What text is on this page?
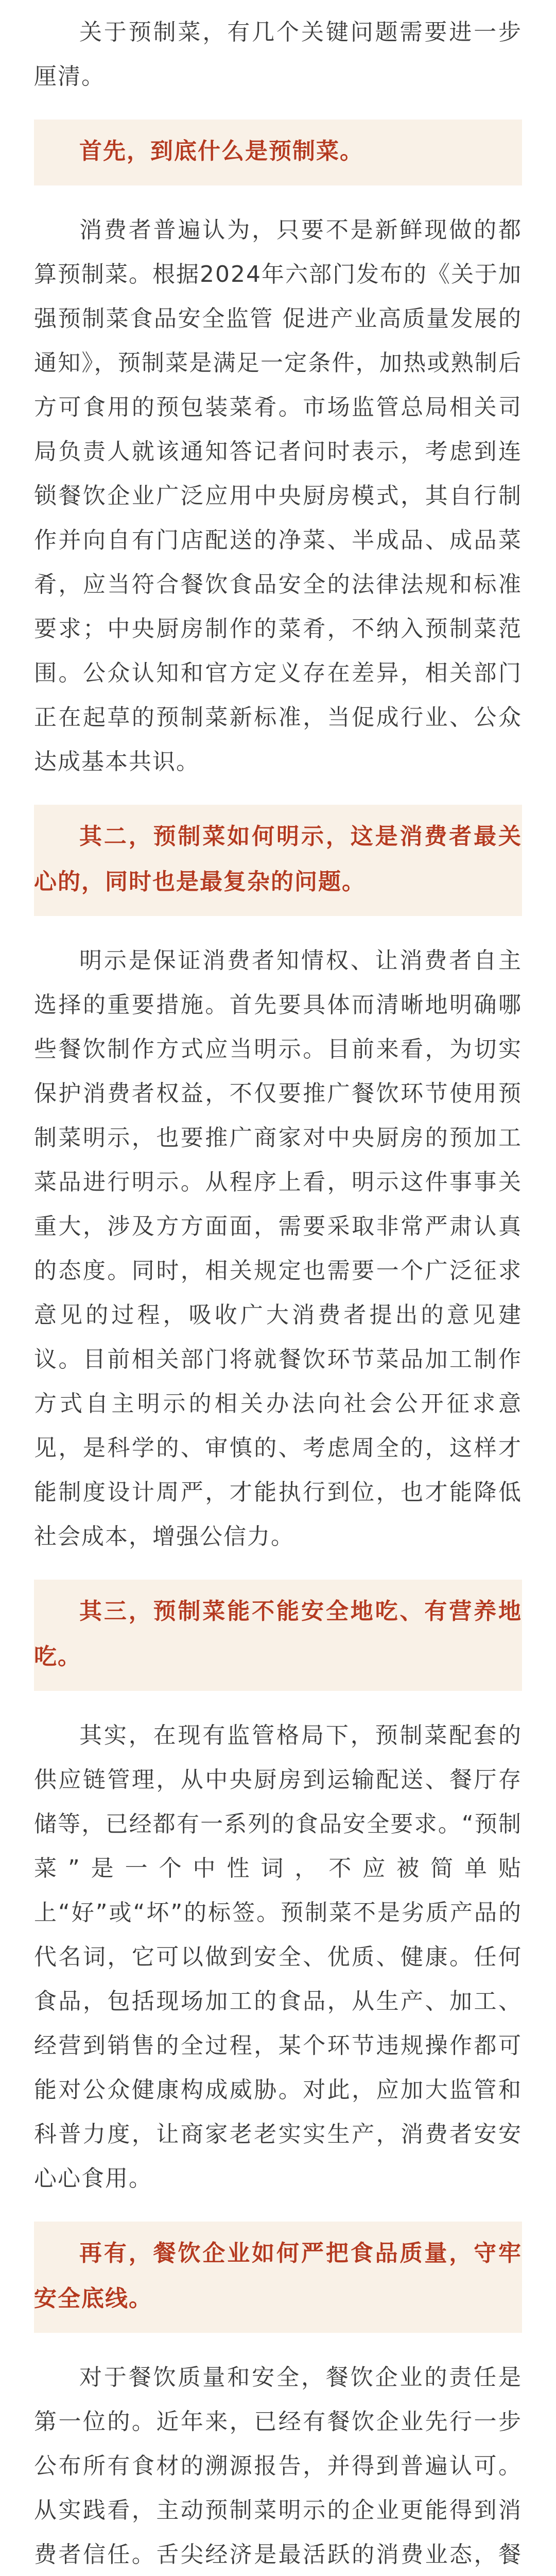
关于预制菜，有几个关键问题需要进一步厘清。

首先，到底什么是预制菜。

消费者普遍认为，只要不是新鲜现做的都算预制菜。根据2024年六部门发布的《关于加强预制菜食品安全监管 促进产业高质量发展的通知》，预制菜是满足一定条件，加热或熟制后方可食用的预包装菜肴。市场监管总局相关司局负责人就该通知答记者问时表示，考虑到连锁餐饮企业广泛应用中央厨房模式，其自行制作并向自有门店配送的净菜、半成品、成品菜肴，应当符合餐饮食品安全的法律法规和标准要求；中央厨房制作的菜肴，不纳入预制菜范围。公众认知和官方定义存在差异，相关部门正在起草的预制菜新标准，当促成行业、公众达成基本共识。

其二，预制菜如何明示，这是消费者最关心的，同时也是最复杂的问题。

明示是保证消费者知情权、让消费者自主选择的重要措施。首先要具体而清晰地明确哪些餐饮制作方式应当明示。目前来看，为切实保护消费者权益，不仅要推广餐饮环节使用预制菜明示，也要推广商家对中央厨房的预加工菜品进行明示。从程序上看，明示这件事事关重大，涉及方方面面，需要采取非常严肃认真的态度。同时，相关规定也需要一个广泛征求意见的过程，吸收广大消费者提出的意见建议。目前相关部门将就餐饮环节菜品加工制作方式自主明示的相关办法向社会公开征求意见，是科学的、审慎的、考虑周全的，这样才能制度设计周严，才能执行到位，也才能降低社会成本，增强公信力。

其三，预制菜能不能安全地吃、有营养地吃。

其实，在现有监管格局下，预制菜配套的供应链管理，从中央厨房到运输配送、餐厅存储等，已经都有一系列的食品安全要求。“预制菜”是一个中性词，不应被简单贴上“好”或“坏”的标签。预制菜不是劣质产品的代名词，它可以做到安全、优质、健康。任何食品，包括现场加工的食品，从生产、加工、经营到销售的全过程，某个环节违规操作都可能对公众健康构成威胁。对此，应加大监管和科普力度，让商家老老实实生产，消费者安安心心食用。

再有，餐饮企业如何严把食品质量，守牢安全底线。

对于餐饮质量和安全，餐饮企业的责任是第一位的。近年来，已经有餐饮企业先行一步公布所有食材的溯源报告，并得到普遍认可。从实践看，主动预制菜明示的企业更能得到消费者信任。舌尖经济是最活跃的消费业态，餐
